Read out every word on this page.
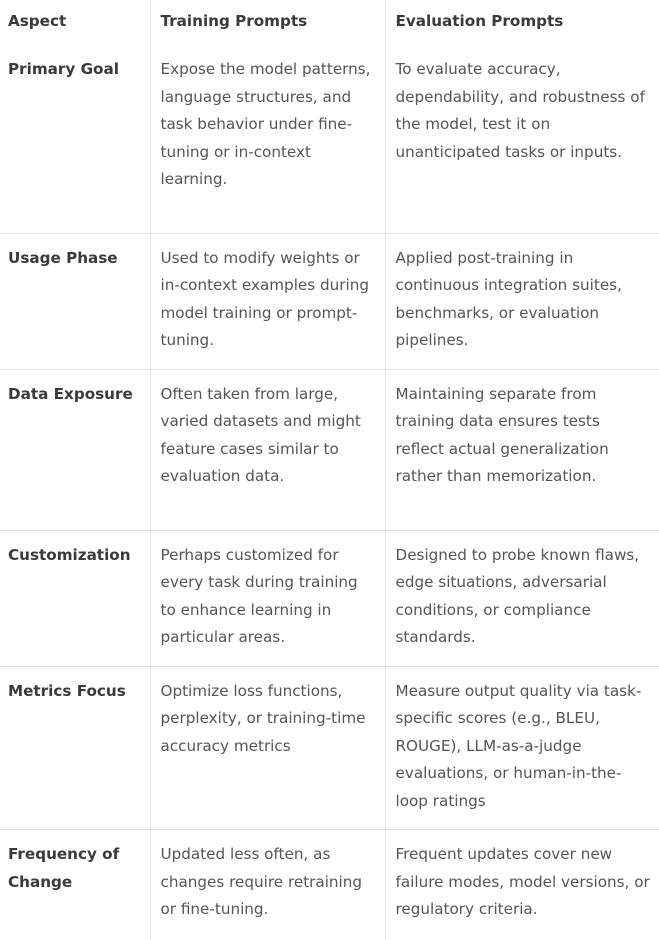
Aspect	Training Prompts	Evaluation Prompts
Primary Goal	Expose the model patterns, language structures, and task behavior under fine-tuning or in-context learning.	To evaluate accuracy, dependability, and robustness of the model, test it on unanticipated tasks or inputs.
Usage Phase	Used to modify weights or in-context examples during model training or prompt-tuning.	Applied post-training in continuous integration suites, benchmarks, or evaluation pipelines.
Data Exposure	Often taken from large, varied datasets and might feature cases similar to evaluation data.	Maintaining separate from training data ensures tests reflect actual generalization rather than memorization.
Customization	Perhaps customized for every task during training to enhance learning in particular areas.	Designed to probe known flaws, edge situations, adversarial conditions, or compliance standards.
Metrics Focus	Optimize loss functions, perplexity, or training-time accuracy metrics	Measure output quality via task-specific scores (e.g., BLEU, ROUGE), LLM-as-a-judge evaluations, or human-in-the-loop ratings
Frequency of Change	Updated less often, as changes require retraining or fine-tuning.	Frequent updates cover new failure modes, model versions, or regulatory criteria.
